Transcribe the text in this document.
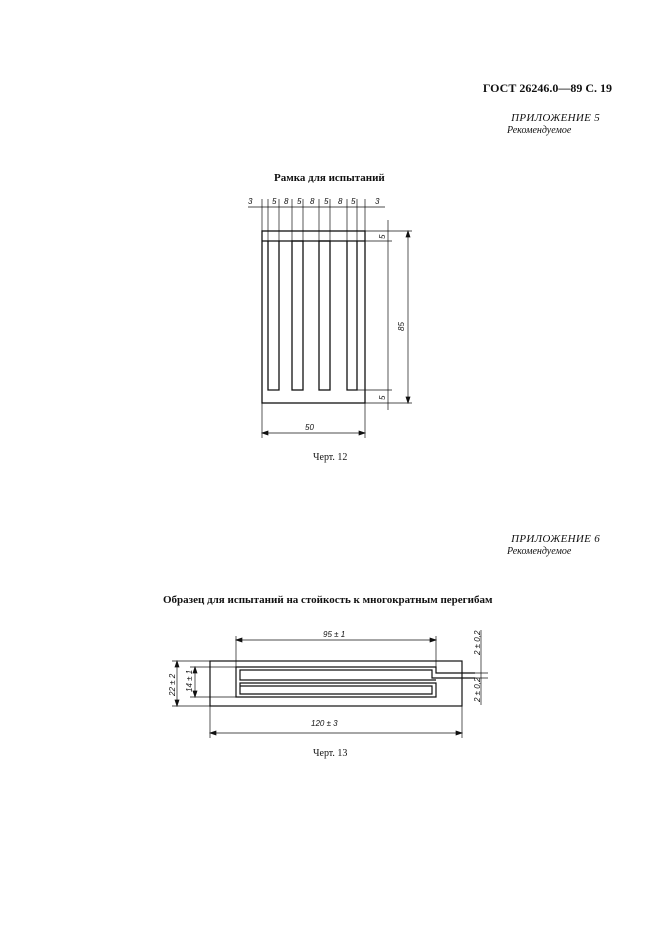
ГОСТ 26246.0—89 С. 19
ПРИЛОЖЕНИЕ 5
Рекомендуемое
Рамка для испытаний
3 5 8 5 8 5 8 5 3
5
85
5
50
95 ± 1
120 ± 3
22 ± 2 14 ± 1
2 ± 0,2
2 ± 0,2
Черт. 12
ПРИЛОЖЕНИЕ 6
Рекомендуемое
Образец для испытаний на стойкость к многократным перегибам
Черт. 13
